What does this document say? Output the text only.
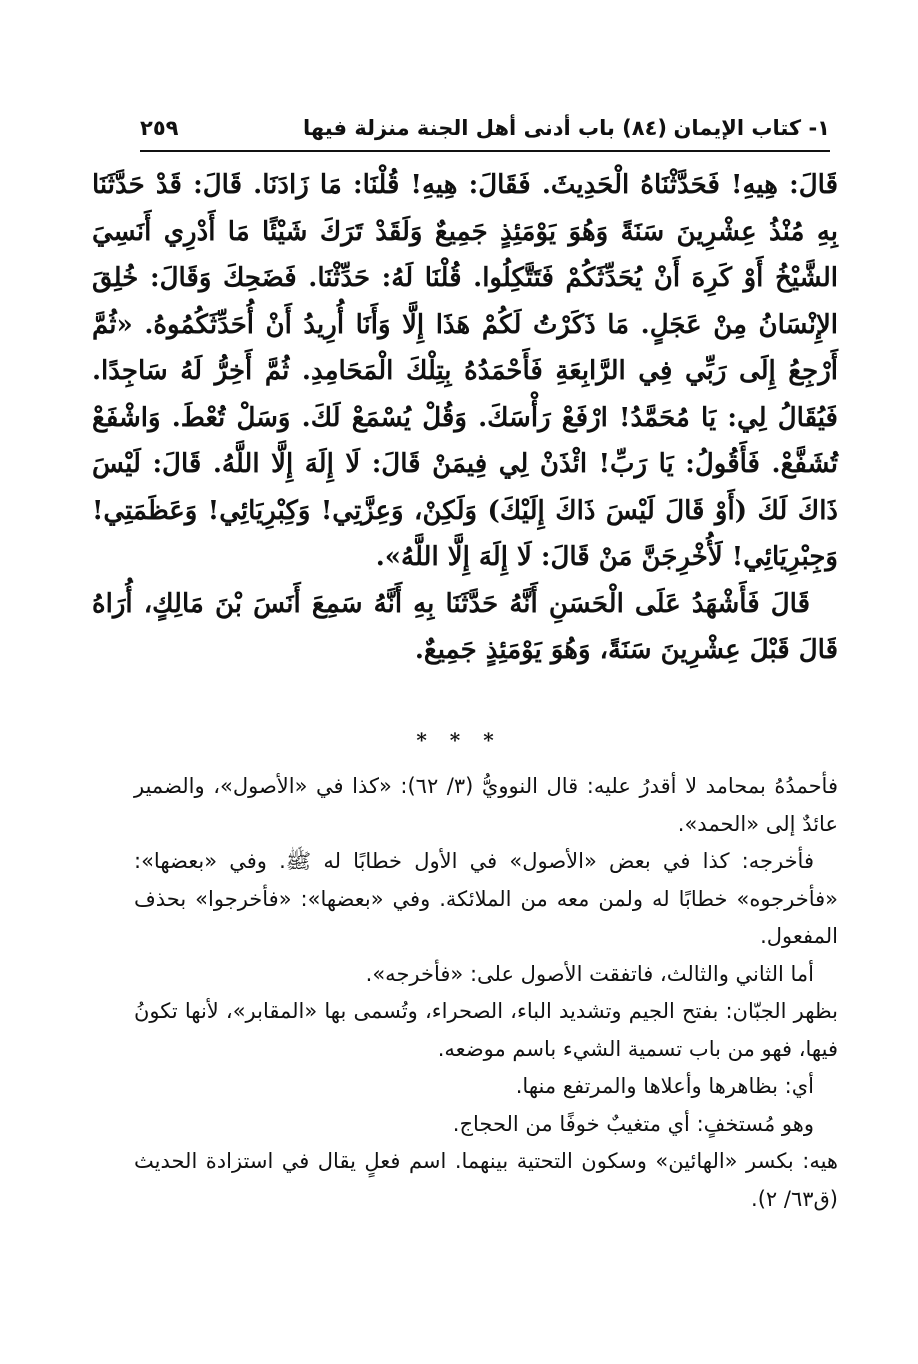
١- كتاب الإيمان
(٨٤) باب أدنى أهل الجنة منزلة فيها
٢٥٩

قَالَ: هِيهِ! فَحَدَّثْنَاهُ الْحَدِيثَ. فَقَالَ: هِيهِ! قُلْنَا: مَا زَادَنَا. قَالَ: قَدْ حَدَّثَنَا بِهِ مُنْذُ عِشْرِينَ سَنَةً وَهُوَ يَوْمَئِذٍ جَمِيعٌ وَلَقَدْ تَرَكَ شَيْئًا مَا أَدْرِي أَنَسِيَ الشَّيْخُ أَوْ كَرِهَ أَنْ يُحَدِّثَكُمْ فَتَتَّكِلُوا. قُلْنَا لَهُ: حَدِّثْنَا. فَضَحِكَ وَقَالَ: خُلِقَ الإِنْسَانُ مِنْ عَجَلٍ. مَا ذَكَرْتُ لَكُمْ هَذَا إِلَّا وَأَنَا أُرِيدُ أَنْ أُحَدِّثَكُمُوهُ. «ثُمَّ أَرْجِعُ إِلَى رَبِّي فِي الرَّابِعَةِ فَأَحْمَدُهُ بِتِلْكَ الْمَحَامِدِ. ثُمَّ أَخِرُّ لَهُ سَاجِدًا. فَيُقَالُ لِي: يَا مُحَمَّدُ! ارْفَعْ رَأْسَكَ. وَقُلْ يُسْمَعْ لَكَ. وَسَلْ تُعْطَ. وَاشْفَعْ تُشَفَّعْ. فَأَقُولُ: يَا رَبِّ! ائْذَنْ لِي فِيمَنْ قَالَ: لَا إِلَهَ إِلَّا اللَّهُ. قَالَ: لَيْسَ ذَاكَ لَكَ (أَوْ قَالَ لَيْسَ ذَاكَ إِلَيْكَ) وَلَكِنْ، وَعِزَّتِي! وَكِبْرِيَائِي! وَعَظَمَتِي! وَجِبْرِيَائِي! لَأُخْرِجَنَّ مَنْ قَالَ: لَا إِلَهَ إِلَّا اللَّهُ».

قَالَ فَأَشْهَدُ عَلَى الْحَسَنِ أَنَّهُ حَدَّثَنَا بِهِ أَنَّهُ سَمِعَ أَنَسَ بْنَ مَالِكٍ، أُرَاهُ قَالَ قَبْلَ عِشْرِينَ سَنَةً، وَهُوَ يَوْمَئِذٍ جَمِيعٌ.

* * *

فأحمدُهُ بمحامد لا أقدرُ عليه: قال النوويُّ (٣/ ٦٢): «كذا في «الأصول»، والضمير عائدٌ إلى «الحمد».

فأخرجه: كذا في بعض «الأصول» في الأول خطابًا له ﷺ. وفي «بعضها»: «فأخرجوه» خطابًا له ولمن معه من الملائكة. وفي «بعضها»: «فأخرجوا» بحذف المفعول.

أما الثاني والثالث، فاتفقت الأصول على: «فأخرجه».

بظهر الجبّان: بفتح الجيم وتشديد الباء، الصحراء، وتُسمى بها «المقابر»، لأنها تكونُ فيها، فهو من باب تسمية الشيء باسم موضعه.

أي: بظاهرها وأعلاها والمرتفع منها.

وهو مُستخفٍ: أي متغيبٌ خوفًا من الحجاج.

هيه: بكسر «الهائين» وسكون التحتية بينهما. اسم فعلٍ يقال في استزادة الحديث (ق٦٣/ ٢).
